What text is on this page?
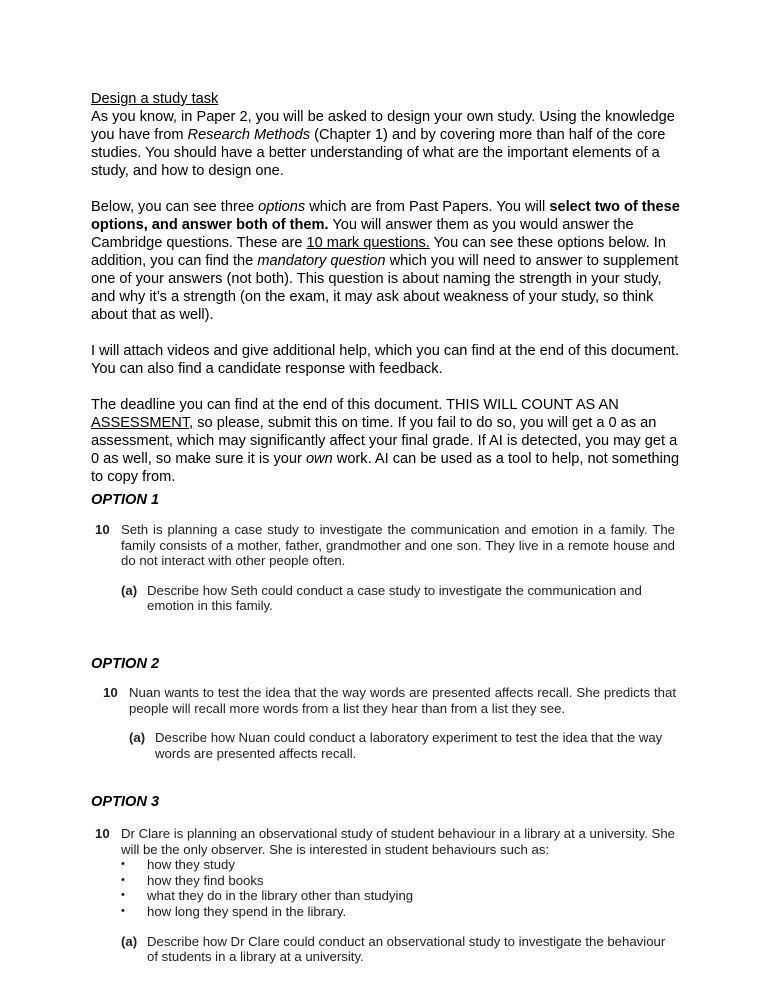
Design a study task

As you know, in Paper 2, you will be asked to design your own study. Using the knowledge you have from Research Methods (Chapter 1) and by covering more than half of the core studies. You should have a better understanding of what are the important elements of a study, and how to design one.

Below, you can see three options which are from Past Papers. You will select two of these options, and answer both of them. You will answer them as you would answer the Cambridge questions. These are 10 mark questions. You can see these options below. In addition, you can find the mandatory question which you will need to answer to supplement one of your answers (not both). This question is about naming the strength in your study, and why it’s a strength (on the exam, it may ask about weakness of your study, so think about that as well).

I will attach videos and give additional help, which you can find at the end of this document. You can also find a candidate response with feedback.

The deadline you can find at the end of this document. THIS WILL COUNT AS AN ASSESSMENT, so please, submit this on time. If you fail to do so, you will get a 0 as an assessment, which may significantly affect your final grade. If AI is detected, you may get a 0 as well, so make sure it is your own work. AI can be used as a tool to help, not something to copy from.

OPTION 1
10 Seth is planning a case study to investigate the communication and emotion in a family. The family consists of a mother, father, grandmother and one son. They live in a remote house and do not interact with other people often.
(a) Describe how Seth could conduct a case study to investigate the communication and emotion in this family.
OPTION 2
10 Nuan wants to test the idea that the way words are presented affects recall. She predicts that people will recall more words from a list they hear than from a list they see.
(a) Describe how Nuan could conduct a laboratory experiment to test the idea that the way words are presented affects recall.
OPTION 3
10 Dr Clare is planning an observational study of student behaviour in a library at a university. She will be the only observer. She is interested in student behaviours such as:
•	how they study
•	how they find books
•	what they do in the library other than studying
•	how long they spend in the library.
(a) Describe how Dr Clare could conduct an observational study to investigate the behaviour of students in a library at a university.
